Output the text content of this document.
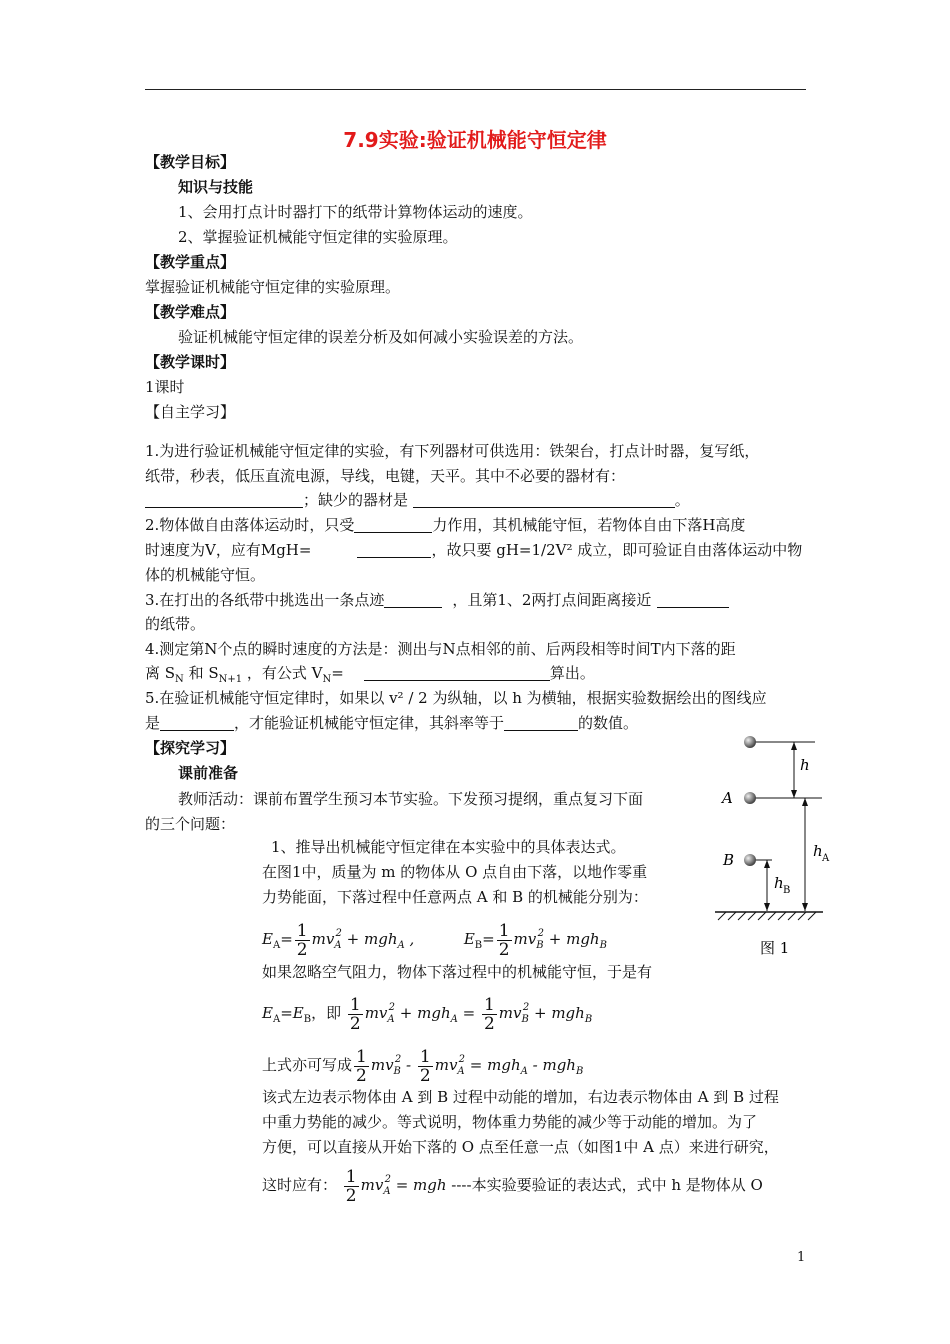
7.9实验:验证机械能守恒定律
【教学目标】
知识与技能
1、会用打点计时器打下的纸带计算物体运动的速度。
2、掌握验证机械能守恒定律的实验原理。
【教学重点】
掌握验证机械能守恒定律的实验原理。
【教学难点】
验证机械能守恒定律的误差分析及如何减小实验误差的方法。
【教学课时】
1课时
【自主学习】
1.为进行验证机械能守恒定律的实验，有下列器材可供选用：铁架台，打点计时器，复写纸，
纸带，秒表，低压直流电源，导线，电键，天平。其中不必要的器材有：
；缺少的器材是	。
2.物体做自由落体运动时，只受	力作用，其机械能守恒，若物体自由下落H高度
时速度为V，应有MgH=	，故只要 gH=1/2V² 成立，即可验证自由落体运动中物
体的机械能守恒。
3.在打出的各纸带中挑选出一条点迹	，且第1、2两打点间距离接近
的纸带。
4.测定第N个点的瞬时速度的方法是：测出与N点相邻的前、后两段相等时间T内下落的距
离 $S_N$ 和 $S_{N+1}$ ，有公式 $V_N=$	算出。
5.在验证机械能守恒定律时，如果以 v² / 2 为纵轴，以 h 为横轴，根据实验数据绘出的图线应
是	，才能验证机械能守恒定律，其斜率等于	的数值。
【探究学习】
课前准备
教师活动：课前布置学生预习本节实验。下发预习提纲，重点复习下面
的三个问题：
1、推导出机械能守恒定律在本实验中的具体表达式。
在图1中，质量为 m 的物体从 O 点自由下落，以地作零重
力势能面，下落过程中任意两点 A 和 B 的机械能分别为：
$E_A= \frac{1}{2} mv_A^2 + mgh_A$ ,	$E_B= \frac{1}{2} mv_B^2 + mgh_B$
如果忽略空气阻力，物体下落过程中的机械能守恒，于是有
$E_A=E_B$，即 $\frac{1}{2} mv_A^2 + mgh_A = \frac{1}{2} mv_B^2 + mgh_B$
上式亦可写成 $\frac{1}{2} mv_B^2 - \frac{1}{2} mv_A^2 = mgh_A - mgh_B$
该式左边表示物体由 A 到 B 过程中动能的增加，右边表示物体由 A 到 B 过程
中重力势能的减少。等式说明，物体重力势能的减少等于动能的增加。为了
方便，可以直接从开始下落的 O 点至任意一点（如图1中 A 点）来进行研究，
这时应有： $\frac{1}{2} mv_A^2$ = mgh ----本实验要验证的表达式，式中 h 是物体从 O
A
B
h
h A
h B
图 1
1
